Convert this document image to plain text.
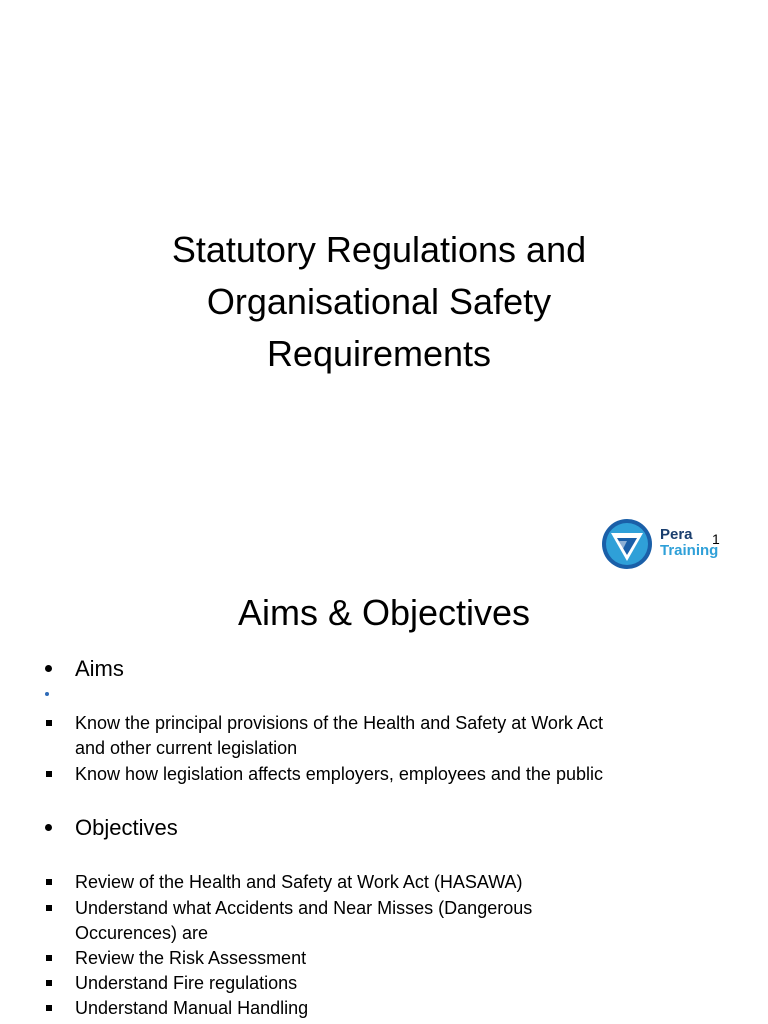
Statutory Regulations and
Organisational Safety
Requirements
Pera
Training
1
Aims & Objectives
Aims
Know the principal provisions of the Health and Safety at Work Act
and other current legislation
Know how legislation affects employers, employees and the public
Objectives
Review of the Health and Safety at Work Act (HASAWA)
Understand what Accidents and Near Misses (Dangerous
Occurences) are
Review the Risk Assessment
Understand Fire regulations
Understand Manual Handling
